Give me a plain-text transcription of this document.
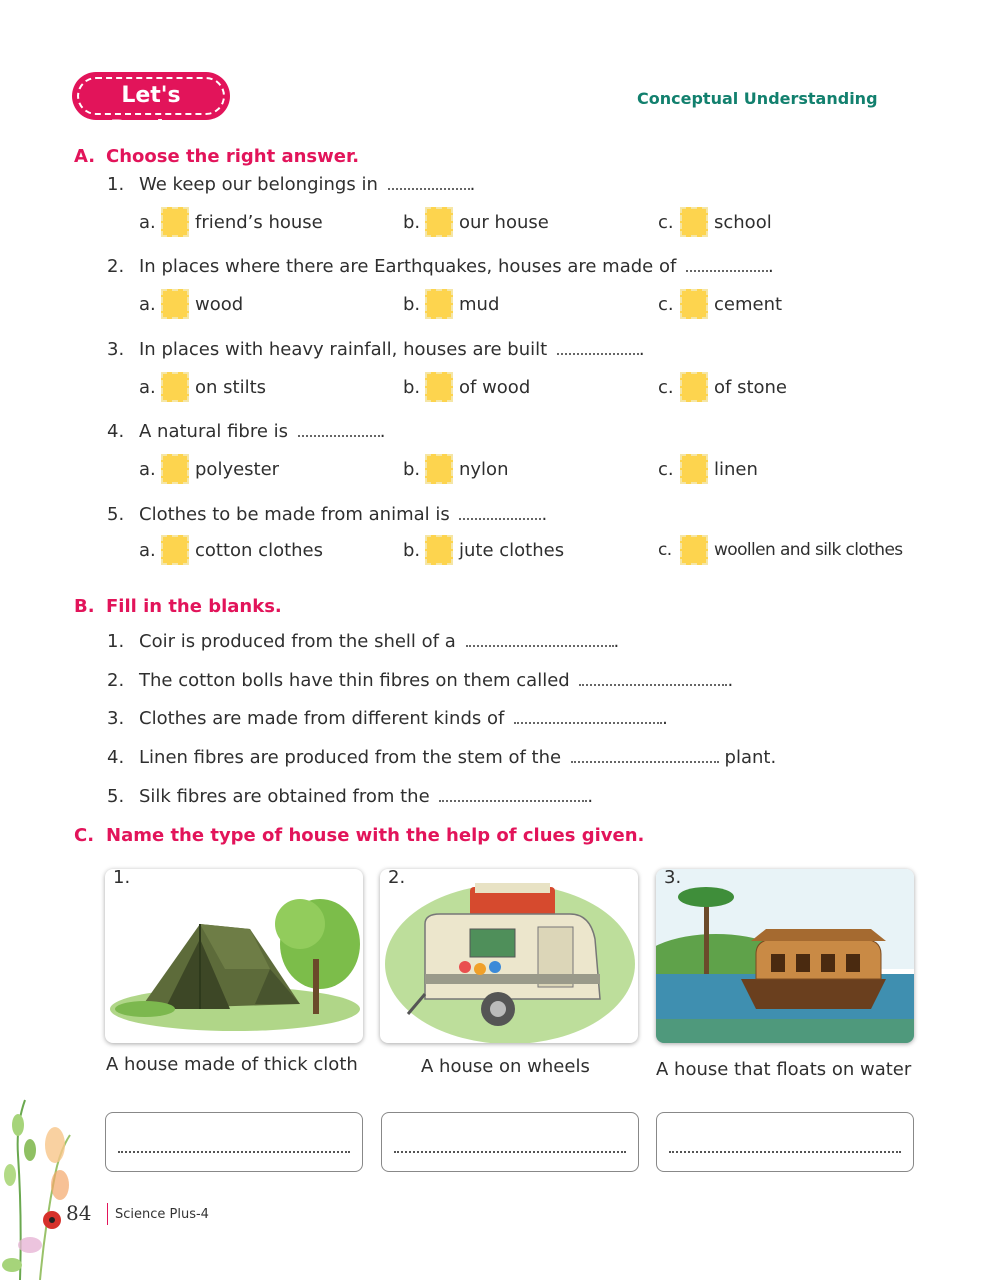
Let's Revise
Conceptual Understanding
A. Choose the right answer.
1. We keep our belongings in	.
a. friend’s house	b. our house	c.	school
2. In places where there are Earthquakes, houses are made of	.
a. wood	b. mud	c.	cement
3. In places with heavy rainfall, houses are built	.
a. on stilts	b. of wood	c.	of stone
4. A natural fibre is	.
a. polyester	b. nylon	c.	linen
5. Clothes to be made from animal is	.
a. cotton clothes	b. jute clothes	c.	woollen and silk clothes
B. Fill in the blanks.
1. Coir is produced from the shell of a	.
2. The cotton bolls have thin fibres on them called	.
3. Clothes are made from different kinds of	.
4. Linen fibres are produced from the stem of the	plant.
5. Silk fibres are obtained from the	.
C. Name the type of house with the help of clues given.
1.
A house made of thick cloth
2.
A house on wheels
3.
A house that floats on water
84 Science Plus-4
